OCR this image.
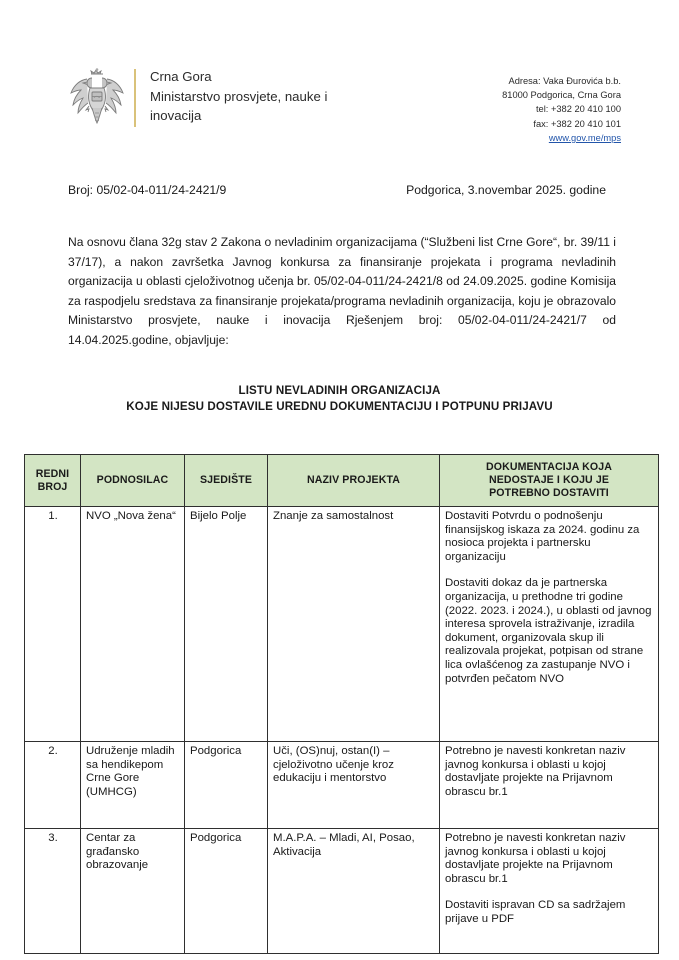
Crna Gora
Ministarstvo prosvjete, nauke i
inovacija
Adresa: Vaka Đurovića b.b.
81000 Podgorica, Crna Gora
tel: +382 20 410 100
fax: +382 20 410 101
www.gov.me/mps
Broj: 05/02-04-011/24-2421/9	Podgorica, 3.novembar 2025. godine
Na osnovu člana 32g stav 2 Zakona o nevladinim organizacijama (“Službeni list Crne Gore“, br. 39/11 i 37/17), a nakon završetka Javnog konkursa za finansiranje projekata i programa nevladinih organizacija u oblasti cjeloživotnog učenja br. 05/02-04-011/24-2421/8 od 24.09.2025. godine Komisija za raspodjelu sredstava za finansiranje projekata/programa nevladinih organizacija, koju je obrazovalo Ministarstvo prosvjete, nauke i inovacija Rješenjem broj: 05/02-04-011/24-2421/7 od 14.04.2025.godine, objavljuje:
LISTU NEVLADINIH ORGANIZACIJA
KOJE NIJESU DOSTAVILE UREDNU DOKUMENTACIJU I POTPUNU PRIJAVU
REDNI
BROJ
	PODNOSILAC	SJEDIŠTE	NAZIV PROJEKTA	
DOKUMENTACIJA KOJA
NEDOSTAJE I KOJU JE
POTREBNO DOSTAVITI

1.	NVO „Nova žena“	Bijelo Polje	Znanje za samostalnost	Dostaviti Potvrdu o podnošenju finansijskog iskaza za 2024. godinu za nosioca projekta i partnersku organizaciju

Dostaviti dokaz da je partnerska organizacija, u prethodne tri godine (2022. 2023. i 2024.), u oblasti od javnog interesa sprovela istraživanje, izradila dokument, organizovala skup ili realizovala projekat, potpisan od strane lica ovlašćenog za zastupanje NVO i potvrđen pečatom NVO

2.	Udruženje mladih sa hendikepom Crne Gore (UMHCG)	Podgorica	Uči, (OS)nuj, ostan(I) – cjeloživotno učenje kroz edukaciju i mentorstvo	Potrebno je navesti konkretan naziv javnog konkursa i oblasti u kojoj dostavljate projekte na Prijavnom obrascu br.1

3.	Centar za građansko obrazovanje	Podgorica	M.A.P.A. – Mladi, AI, Posao, Aktivacija	Potrebno je navesti konkretan naziv javnog konkursa i oblasti u kojoj dostavljate projekte na Prijavnom obrascu br.1

Dostaviti ispravan CD sa sadržajem prijave u PDF
